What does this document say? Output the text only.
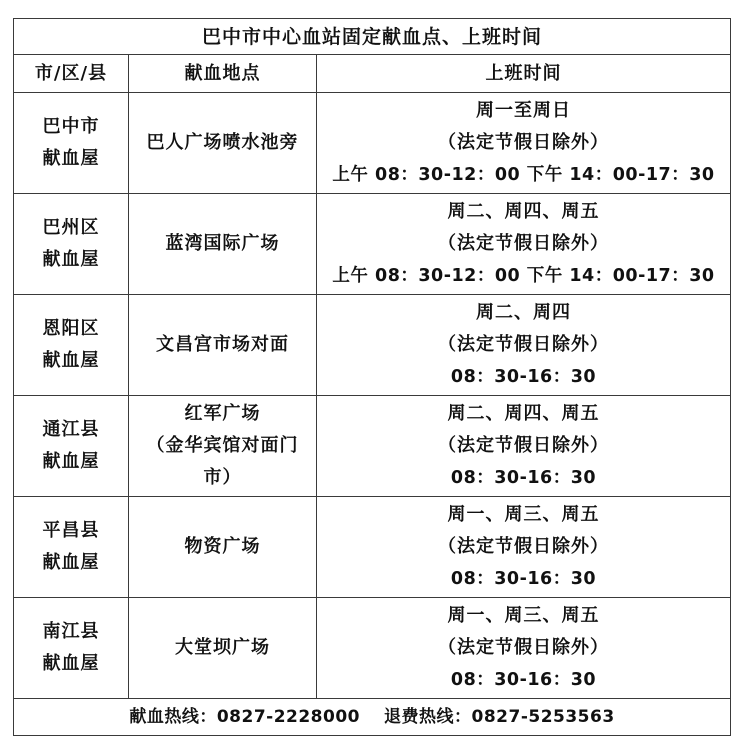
巴中市中心血站固定献血点、上班时间		
市/区/县	献血地点	上班时间

巴中市
献血屋	巴人广场喷水池旁	周一至周日
（法定节假日除外）
上午 08：30-12：00 下午 14：00-17：30

巴州区
献血屋	蓝湾国际广场	周二、周四、周五
（法定节假日除外）
上午 08：30-12：00 下午 14：00-17：30

恩阳区
献血屋	文昌宫市场对面	周二、周四
（法定节假日除外）
08：30-16：30

通江县
献血屋	红军广场
（金华宾馆对面门
市）	周二、周四、周五
（法定节假日除外）
08：30-16：30

平昌县
献血屋	物资广场	周一、周三、周五
（法定节假日除外）
08：30-16：30

南江县
献血屋	大堂坝广场	周一、周三、周五
（法定节假日除外）
08：30-16：30

献血热线：0827-2228000 退费热线：0827-5253563		
